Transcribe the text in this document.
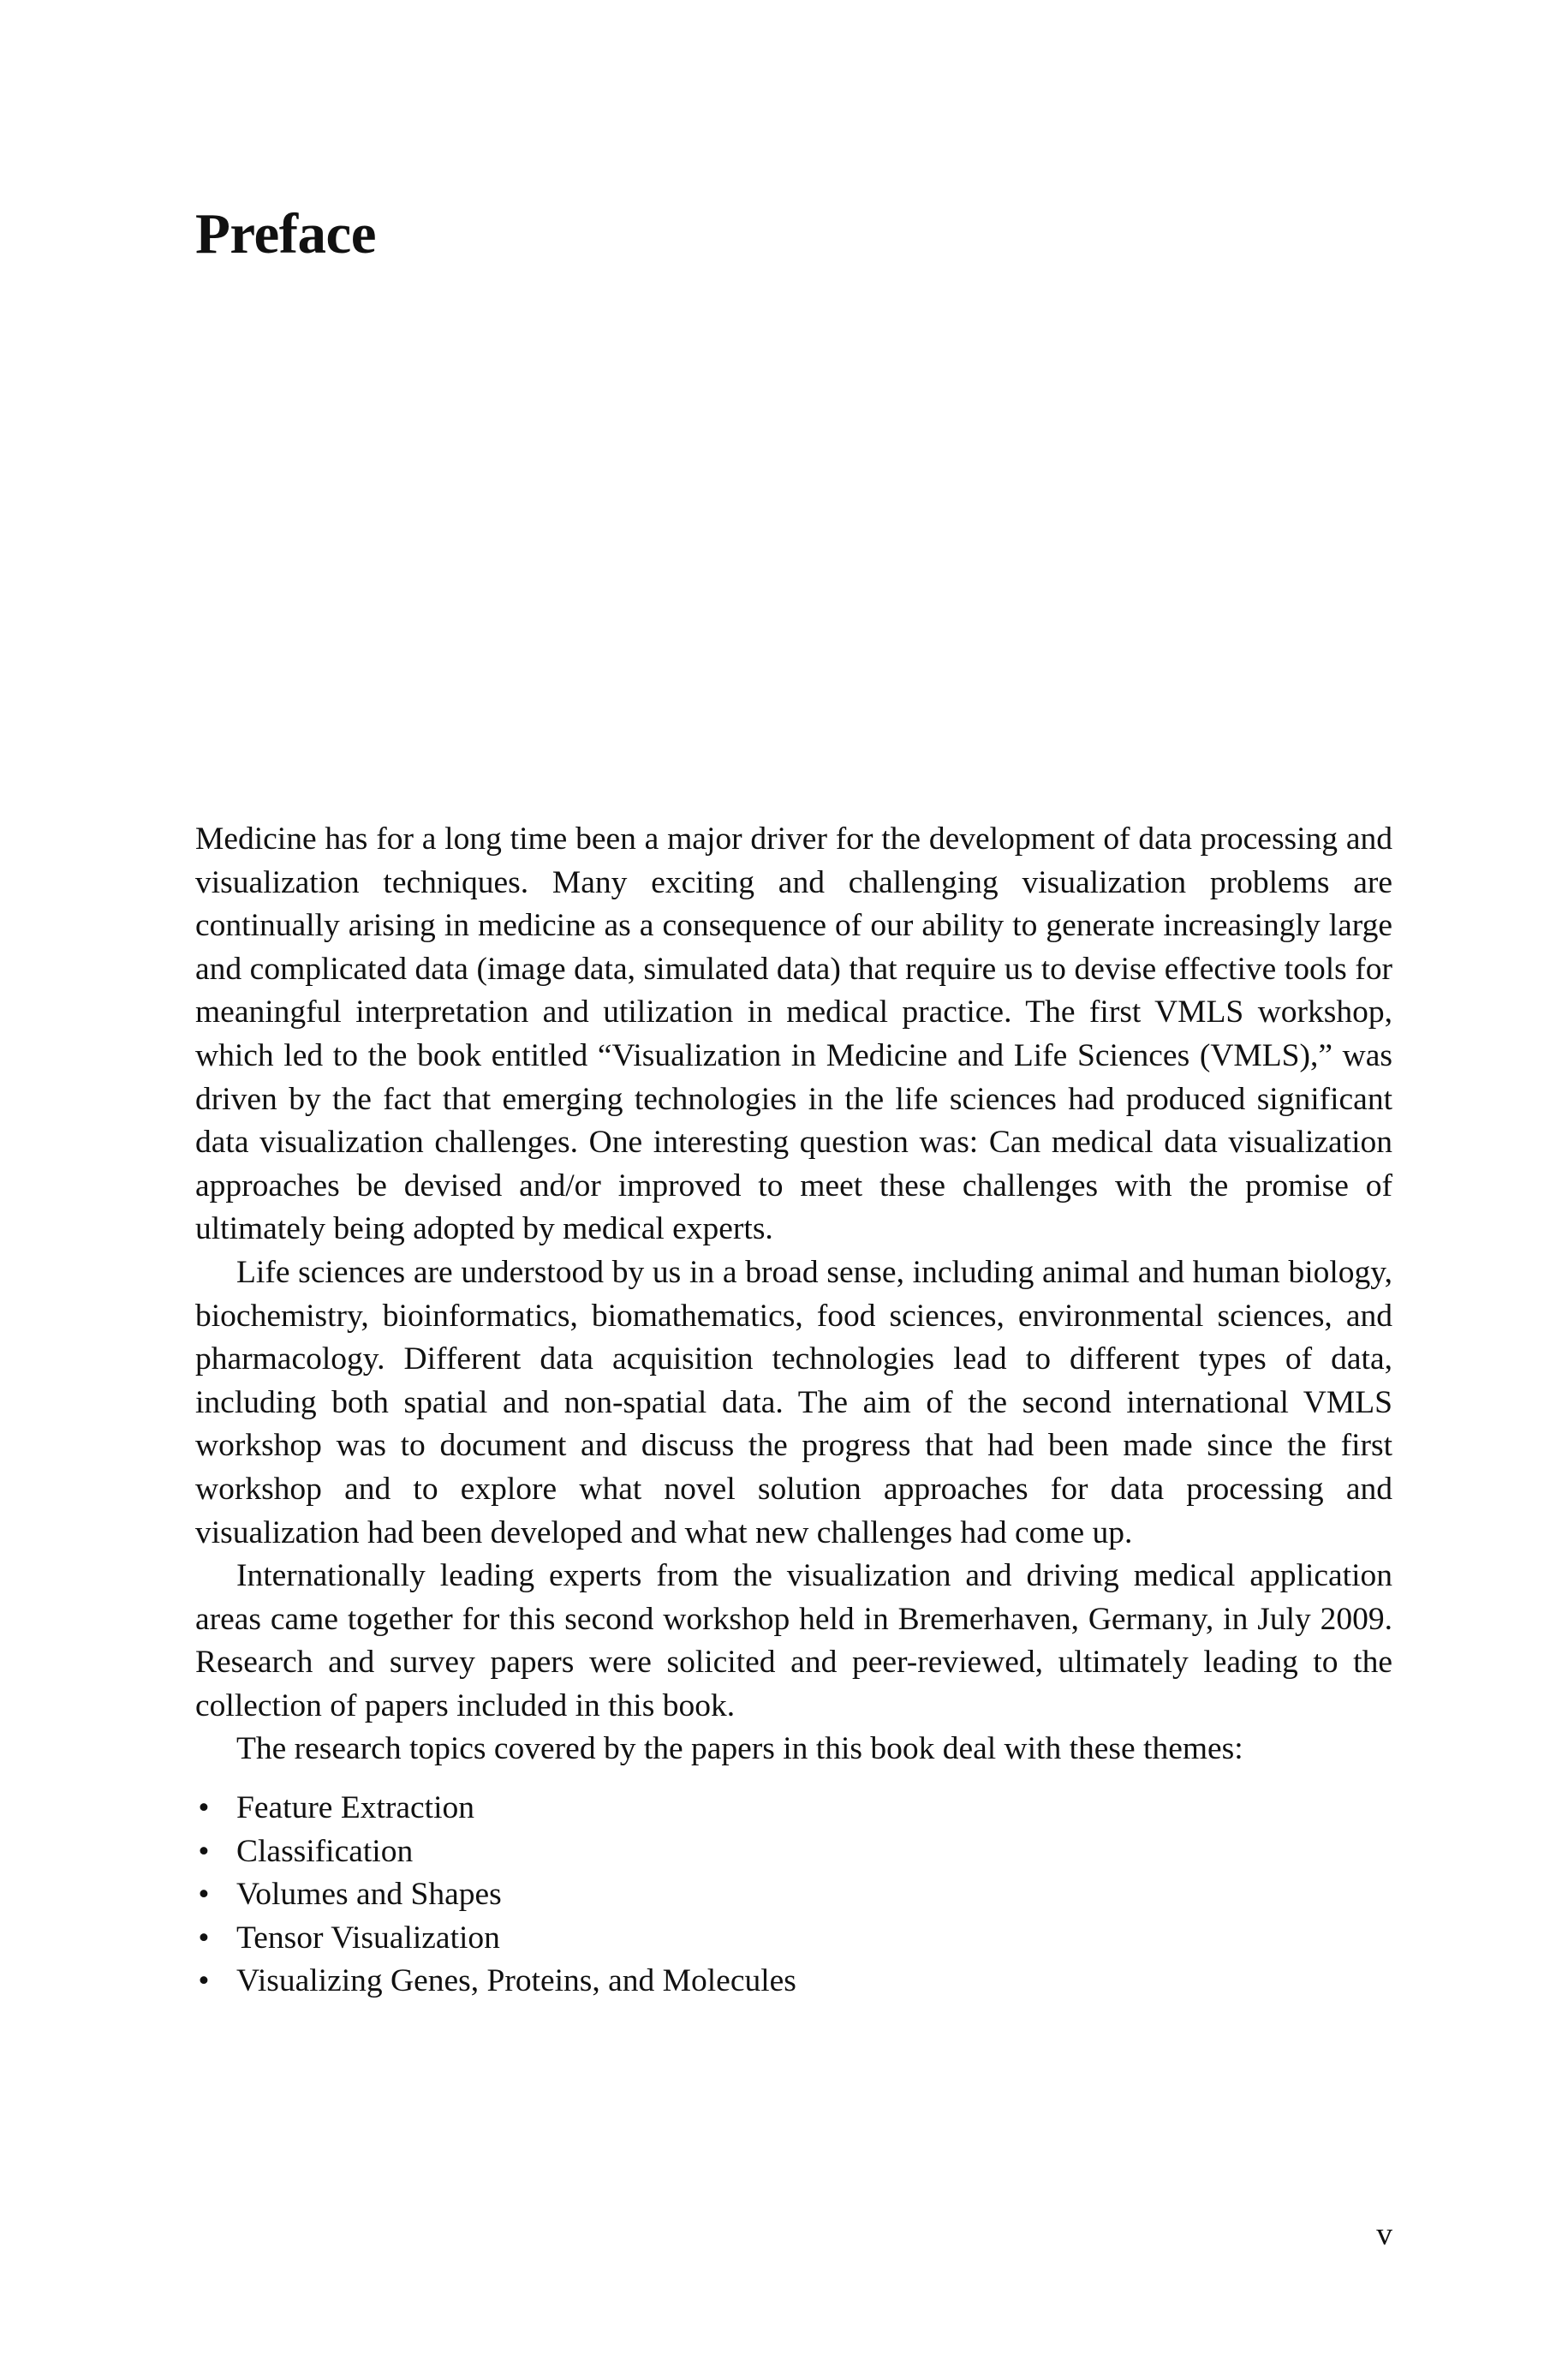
Preface

Medicine has for a long time been a major driver for the development of data processing and visualization techniques. Many exciting and challenging visualization problems are continually arising in medicine as a consequence of our ability to generate increasingly large and complicated data (image data, simulated data) that require us to devise effective tools for meaningful interpretation and utilization in medical practice. The first VMLS workshop, which led to the book entitled “Visualization in Medicine and Life Sciences (VMLS),” was driven by the fact that emerging technologies in the life sciences had produced significant data visualization challenges. One interesting question was: Can medical data visualization approaches be devised and/or improved to meet these challenges with the promise of ultimately being adopted by medical experts.

Life sciences are understood by us in a broad sense, including animal and human biology, biochemistry, bioinformatics, biomathematics, food sciences, environmental sciences, and pharmacology. Different data acquisition technologies lead to different types of data, including both spatial and non-spatial data. The aim of the second international VMLS workshop was to document and discuss the progress that had been made since the first workshop and to explore what novel solution approaches for data processing and visualization had been developed and what new challenges had come up.

Internationally leading experts from the visualization and driving medical application areas came together for this second workshop held in Bremerhaven, Germany, in July 2009. Research and survey papers were solicited and peer-reviewed, ultimately leading to the collection of papers included in this book.

The research topics covered by the papers in this book deal with these themes:

• Feature Extraction
• Classification
• Volumes and Shapes
• Tensor Visualization
• Visualizing Genes, Proteins, and Molecules
v
